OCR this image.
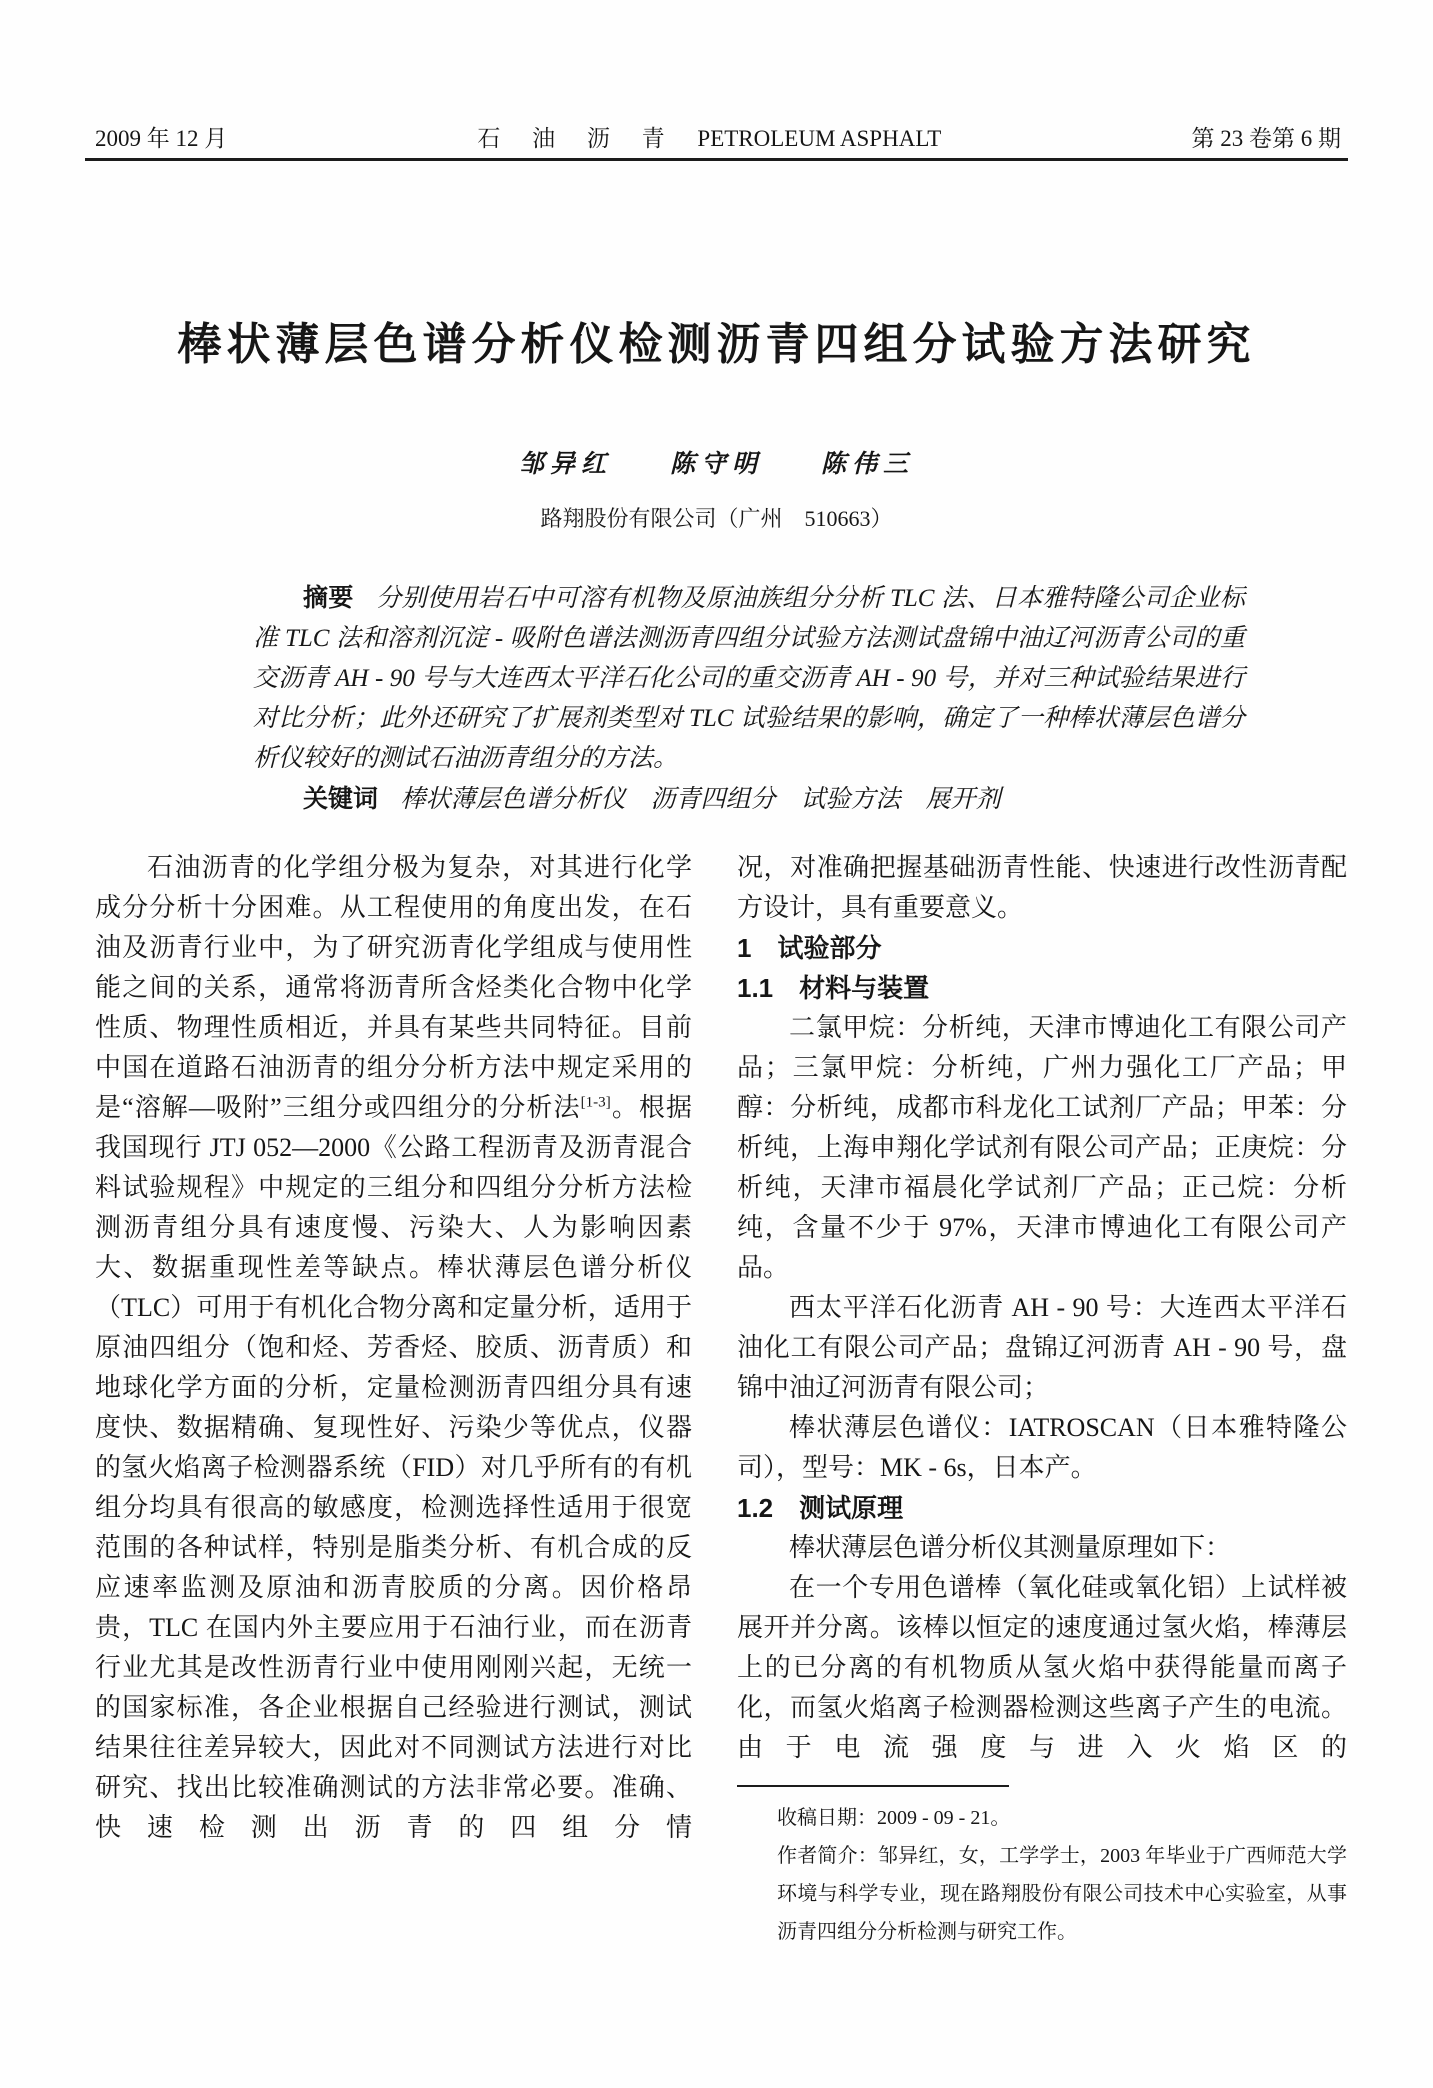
2009 年 12 月	石 油 沥 青 PETROLEUM ASPHALT	第 23 卷第 6 期
棒状薄层色谱分析仪检测沥青四组分试验方法研究
邹异红 陈守明 陈伟三
路翔股份有限公司（广州　510663）

摘要 分别使用岩石中可溶有机物及原油族组分分析 TLC 法、日本雅特隆公司企业标准 TLC 法和溶剂沉淀 - 吸附色谱法测沥青四组分试验方法测试盘锦中油辽河沥青公司的重交沥青 AH - 90 号与大连西太平洋石化公司的重交沥青 AH - 90 号，并对三种试验结果进行对比分析；此外还研究了扩展剂类型对 TLC 试验结果的影响，确定了一种棒状薄层色谱分析仪较好的测试石油沥青组分的方法。

关键词 棒状薄层色谱分析仪 沥青四组分 试验方法 展开剂

石油沥青的化学组分极为复杂，对其进行化学成分分析十分困难。从工程使用的角度出发，在石油及沥青行业中，为了研究沥青化学组成与使用性能之间的关系，通常将沥青所含烃类化合物中化学性质、物理性质相近，并具有某些共同特征。目前中国在道路石油沥青的组分分析方法中规定采用的是“溶解—吸附”三组分或四组分的分析法[1-3]。根据我国现行 JTJ 052—2000《公路工程沥青及沥青混合料试验规程》中规定的三组分和四组分分析方法检测沥青组分具有速度慢、污染大、人为影响因素大、数据重现性差等缺点。棒状薄层色谱分析仪（TLC）可用于有机化合物分离和定量分析，适用于原油四组分（饱和烃、芳香烃、胶质、沥青质）和地球化学方面的分析，定量检测沥青四组分具有速度快、数据精确、复现性好、污染少等优点，仪器的氢火焰离子检测器系统（FID）对几乎所有的有机组分均具有很高的敏感度，检测选择性适用于很宽范围的各种试样，特别是脂类分析、有机合成的反应速率监测及原油和沥青胶质的分离。因价格昂贵，TLC 在国内外主要应用于石油行业，而在沥青行业尤其是改性沥青行业中使用刚刚兴起，无统一的国家标准，各企业根据自己经验进行测试，测试结果往往差异较大，因此对不同测试方法进行对比研究、找出比较准确测试的方法非常必要。准确、快速检测出沥青的四组分情

况，对准确把握基础沥青性能、快速进行改性沥青配方设计，具有重要意义。

1　试验部分
1.1　材料与装置

二氯甲烷：分析纯，天津市博迪化工有限公司产品；三氯甲烷：分析纯，广州力强化工厂产品；甲醇：分析纯，成都市科龙化工试剂厂产品；甲苯：分析纯，上海申翔化学试剂有限公司产品；正庚烷：分析纯，天津市福晨化学试剂厂产品；正己烷：分析纯，含量不少于 97%，天津市博迪化工有限公司产品。

西太平洋石化沥青 AH - 90 号：大连西太平洋石油化工有限公司产品；盘锦辽河沥青 AH - 90 号，盘锦中油辽河沥青有限公司；

棒状薄层色谱仪：IATROSCAN（日本雅特隆公司），型号：MK - 6s，日本产。

1.2　测试原理

棒状薄层色谱分析仪其测量原理如下：

在一个专用色谱棒（氧化硅或氧化铝）上试样被展开并分离。该棒以恒定的速度通过氢火焰，棒薄层上的已分离的有机物质从氢火焰中获得能量而离子化，而氢火焰离子检测器检测这些离子产生的电流。由于电流强度与进入火焰区的

收稿日期：2009 - 09 - 21。

作者简介：邹异红，女，工学学士，2003 年毕业于广西师范大学环境与科学专业，现在路翔股份有限公司技术中心实验室，从事沥青四组分分析检测与研究工作。
